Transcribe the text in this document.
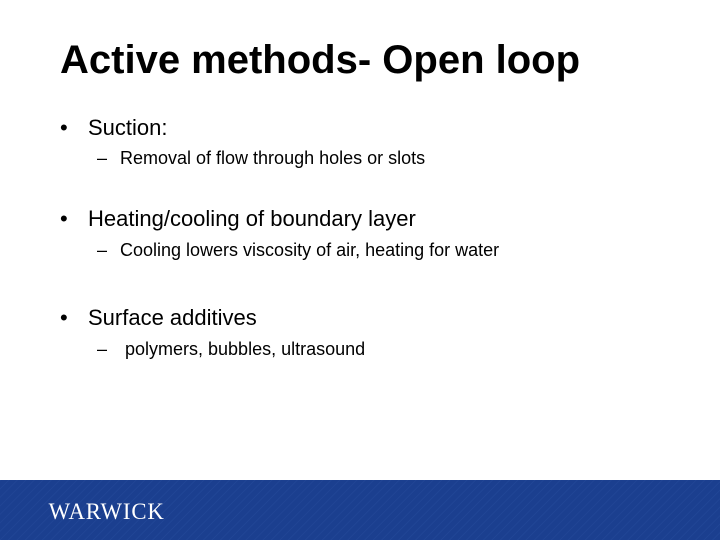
Active methods- Open loop
• Suction:
– Removal of flow through holes or slots
• Heating/cooling of boundary layer
– Cooling lowers viscosity of air, heating for water
• Surface additives
– polymers, bubbles, ultrasound
WARWICK
